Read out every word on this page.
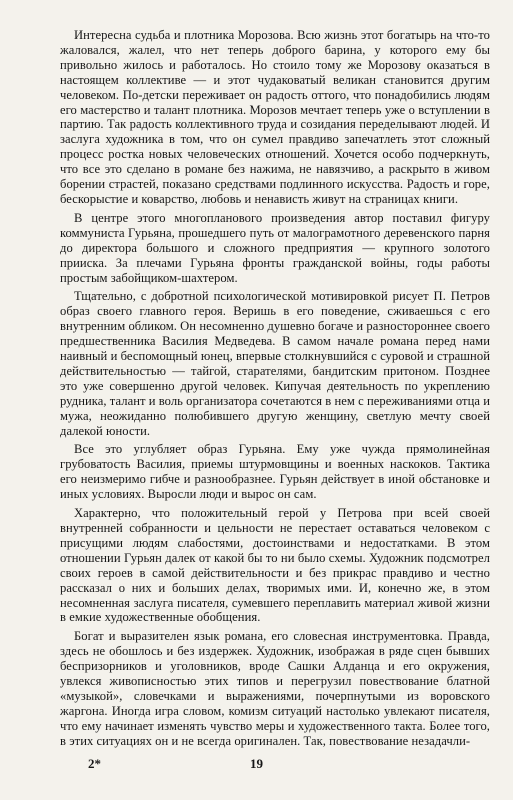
Интересна судьба и плотника Морозова. Всю жизнь этот богатырь на что-то жаловался, жалел, что нет теперь доброго барина, у которого ему бы привольно жилось и работалось. Но стоило тому же Морозову оказаться в настоящем коллективе — и этот чудаковатый великан становится другим человеком. По-детски переживает он радость оттого, что понадобились людям его мастерство и талант плотника. Морозов мечтает теперь уже о вступлении в партию. Так радость коллективного труда и созидания переделывают людей. И заслуга художника в том, что он сумел правдиво запечатлеть этот сложный процесс ростка новых человеческих отношений. Хочется особо подчеркнуть, что все это сделано в романе без нажима, не навязчиво, а раскрыто в живом борении страстей, показано средствами подлинного искусства. Радость и горе, бескорыстие и коварство, любовь и ненависть живут на страницах книги.

В центре этого многопланового произведения автор поставил фигуру коммуниста Гурьяна, прошедшего путь от малограмотного деревенского парня до директора большого и сложного предприятия — крупного золотого прииска. За плечами Гурьяна фронты гражданской войны, годы работы простым забойщиком-шахтером.

Тщательно, с добротной психологической мотивировкой рисует П. Петров образ своего главного героя. Веришь в его поведение, сживаешься с его внутренним обликом. Он несомненно душевно богаче и разностороннее своего предшественника Василия Медведева. В самом начале романа перед нами наивный и беспомощный юнец, впервые столкнувшийся с суровой и страшной действительностью — тайгой, старателями, бандитским притоном. Позднее это уже совершенно другой человек. Кипучая деятельность по укреплению рудника, талант и воль организатора сочетаются в нем с переживаниями отца и мужа, неожиданно полюбившего другую женщину, светлую мечту своей далекой юности.

Все это углубляет образ Гурьяна. Ему уже чужда прямолинейная грубоватость Василия, приемы штурмовщины и военных наскоков. Тактика его неизмеримо гибче и разнообразнее. Гурьян действует в иной обстановке и иных условиях. Выросли люди и вырос он сам.

Характерно, что положительный герой у Петрова при всей своей внутренней собранности и цельности не перестает оставаться человеком с присущими людям слабостями, достоинствами и недостатками. В этом отношении Гурьян далек от какой бы то ни было схемы. Художник подсмотрел своих героев в самой действительности и без прикрас правдиво и честно рассказал о них и больших делах, творимых ими. И, конечно же, в этом несомненная заслуга писателя, сумевшего переплавить материал живой жизни в емкие художественные обобщения.

Богат и выразителен язык романа, его словесная инструментовка. Правда, здесь не обошлось и без издержек. Художник, изображая в ряде сцен бывших беспризорников и уголовников, вроде Сашки Алданца и его окружения, увлекся живописностью этих типов и перегрузил повествование блатной «музыкой», словечками и выражениями, почерпнутыми из воровского жаргона. Иногда игра словом, комизм ситуаций настолько увлекают писателя, что ему начинает изменять чувство меры и художественного такта. Более того, в этих ситуациях он и не всегда оригинален. Так, повествование незадачли-

2*	19
